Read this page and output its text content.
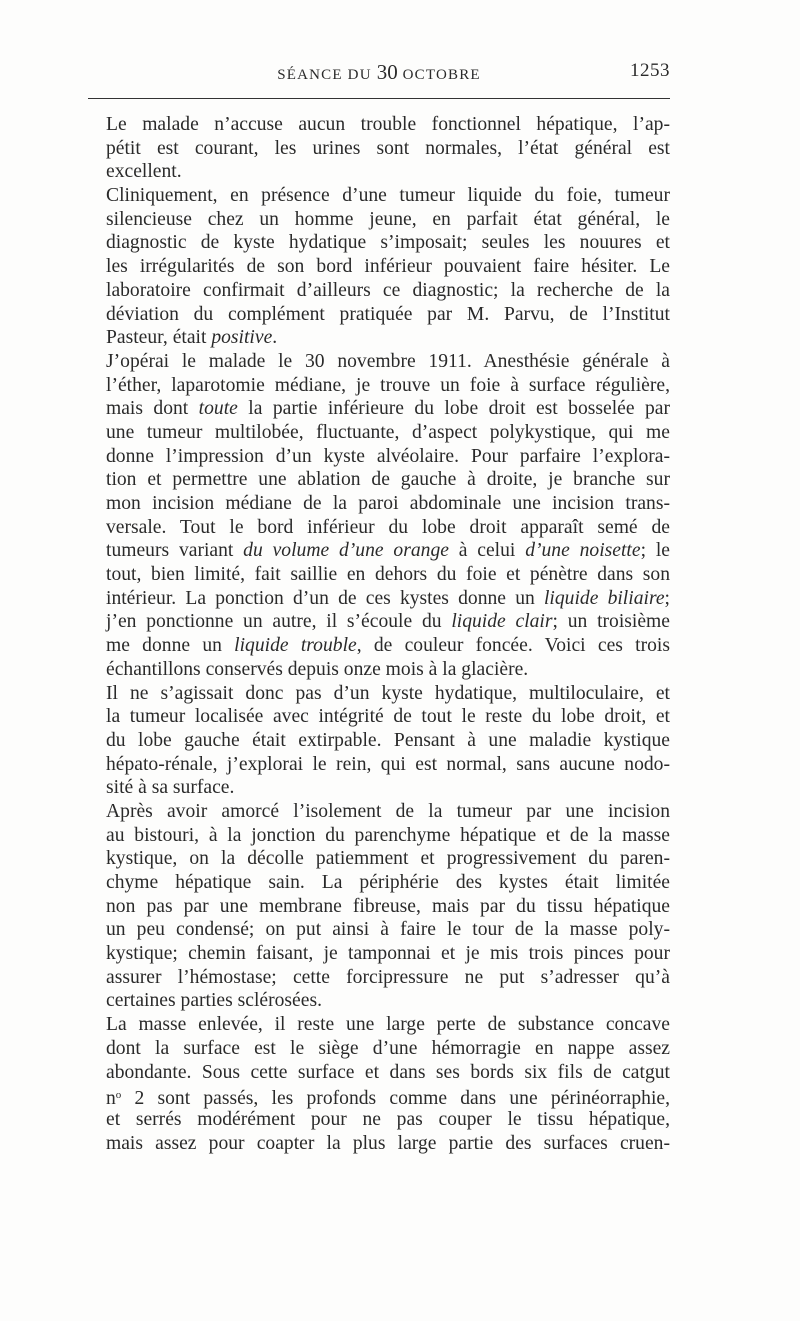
SÉANCE DU 30 OCTOBRE	1253
Le malade n’accuse aucun trouble fonctionnel hépatique, l’ap-
pétit est courant, les urines sont normales, l’état général est
excellent.
Cliniquement, en présence d’une tumeur liquide du foie, tumeur
silencieuse chez un homme jeune, en parfait état général, le
diagnostic de kyste hydatique s’imposait; seules les nouures et
les irrégularités de son bord inférieur pouvaient faire hésiter. Le
laboratoire confirmait d’ailleurs ce diagnostic; la recherche de la
déviation du complément pratiquée par M. Parvu, de l’Institut
Pasteur, était positive.
J’opérai le malade le 30 novembre 1911. Anesthésie générale à
l’éther, laparotomie médiane, je trouve un foie à surface régulière,
mais dont toute la partie inférieure du lobe droit est bosselée par
une tumeur multilobée, fluctuante, d’aspect polykystique, qui me
donne l’impression d’un kyste alvéolaire. Pour parfaire l’explora-
tion et permettre une ablation de gauche à droite, je branche sur
mon incision médiane de la paroi abdominale une incision trans-
versale. Tout le bord inférieur du lobe droit apparaît semé de
tumeurs variant du volume d’une orange à celui d’une noisette; le
tout, bien limité, fait saillie en dehors du foie et pénètre dans son
intérieur. La ponction d’un de ces kystes donne un liquide biliaire;
j’en ponctionne un autre, il s’écoule du liquide clair; un troisième
me donne un liquide trouble, de couleur foncée. Voici ces trois
échantillons conservés depuis onze mois à la glacière.
Il ne s’agissait donc pas d’un kyste hydatique, multiloculaire, et
la tumeur localisée avec intégrité de tout le reste du lobe droit, et
du lobe gauche était extirpable. Pensant à une maladie kystique
hépato-rénale, j’explorai le rein, qui est normal, sans aucune nodo-
sité à sa surface.
Après avoir amorcé l’isolement de la tumeur par une incision
au bistouri, à la jonction du parenchyme hépatique et de la masse
kystique, on la décolle patiemment et progressivement du paren-
chyme hépatique sain. La périphérie des kystes était limitée
non pas par une membrane fibreuse, mais par du tissu hépatique
un peu condensé; on put ainsi à faire le tour de la masse poly-
kystique; chemin faisant, je tamponnai et je mis trois pinces pour
assurer l’hémostase; cette forcipressure ne put s’adresser qu’à
certaines parties sclérosées.
La masse enlevée, il reste une large perte de substance concave
dont la surface est le siège d’une hémorragie en nappe assez
abondante. Sous cette surface et dans ses bords six fils de catgut
$n^o$ 2 sont passés, les profonds comme dans une périnéorraphie,
et serrés modérément pour ne pas couper le tissu hépatique,
mais assez pour coapter la plus large partie des surfaces cruen-
